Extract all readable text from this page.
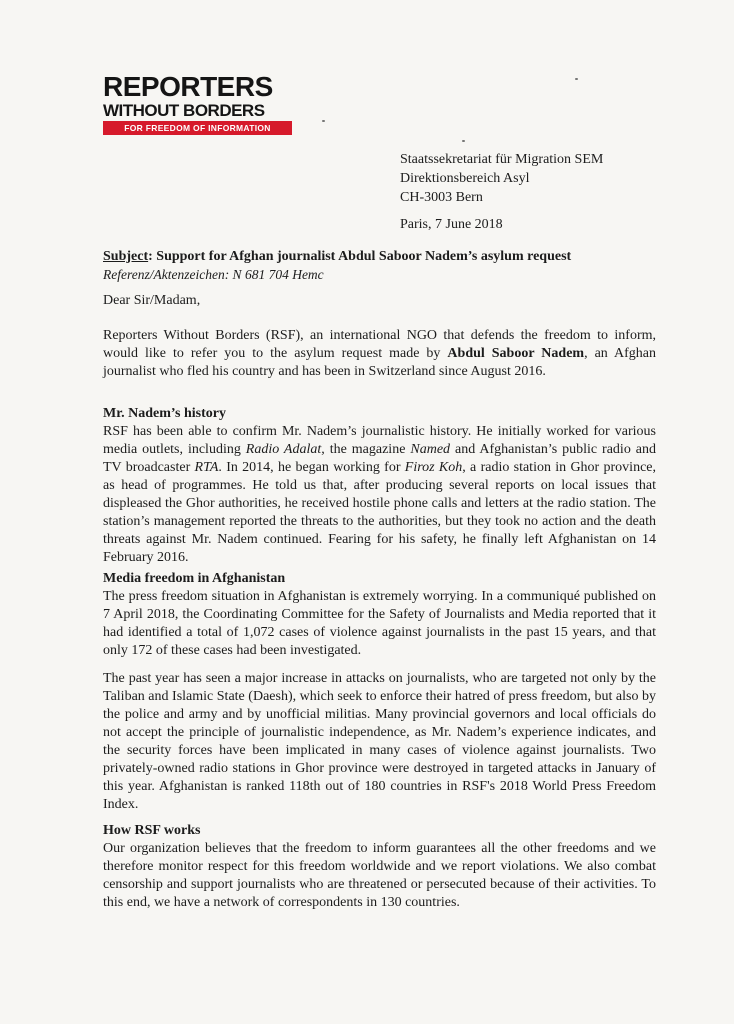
REPORTERS
WITHOUT BORDERS
FOR FREEDOM OF INFORMATION
Staatssekretariat für Migration SEM
Direktionsbereich Asyl
CH-3003 Bern
Paris, 7 June 2018
Subject: Support for Afghan journalist Abdul Saboor Nadem’s asylum request
Referenz/Aktenzeichen: N 681 704 Hemc
Dear Sir/Madam,

Reporters Without Borders (RSF), an international NGO that defends the freedom to inform, would like to refer you to the asylum request made by Abdul Saboor Nadem, an Afghan journalist who fled his country and has been in Switzerland since August 2016.

Mr. Nadem’s history
RSF has been able to confirm Mr. Nadem’s journalistic history. He initially worked for various media outlets, including Radio Adalat, the magazine Named and Afghanistan’s public radio and TV broadcaster RTA. In 2014, he began working for Firoz Koh, a radio station in Ghor province, as head of programmes. He told us that, after producing several reports on local issues that displeased the Ghor authorities, he received hostile phone calls and letters at the radio station. The station’s management reported the threats to the authorities, but they took no action and the death threats against Mr. Nadem continued. Fearing for his safety, he finally left Afghanistan on 14 February 2016.

Media freedom in Afghanistan
The press freedom situation in Afghanistan is extremely worrying. In a communiqué published on 7 April 2018, the Coordinating Committee for the Safety of Journalists and Media reported that it had identified a total of 1,072 cases of violence against journalists in the past 15 years, and that only 172 of these cases had been investigated.

The past year has seen a major increase in attacks on journalists, who are targeted not only by the Taliban and Islamic State (Daesh), which seek to enforce their hatred of press freedom, but also by the police and army and by unofficial militias. Many provincial governors and local officials do not accept the principle of journalistic independence, as Mr. Nadem’s experience indicates, and the security forces have been implicated in many cases of violence against journalists. Two privately-owned radio stations in Ghor province were destroyed in targeted attacks in January of this year. Afghanistan is ranked 118th out of 180 countries in RSF's 2018 World Press Freedom Index.

How RSF works
Our organization believes that the freedom to inform guarantees all the other freedoms and we therefore monitor respect for this freedom worldwide and we report violations. We also combat censorship and support journalists who are threatened or persecuted because of their activities. To this end, we have a network of correspondents in 130 countries.
